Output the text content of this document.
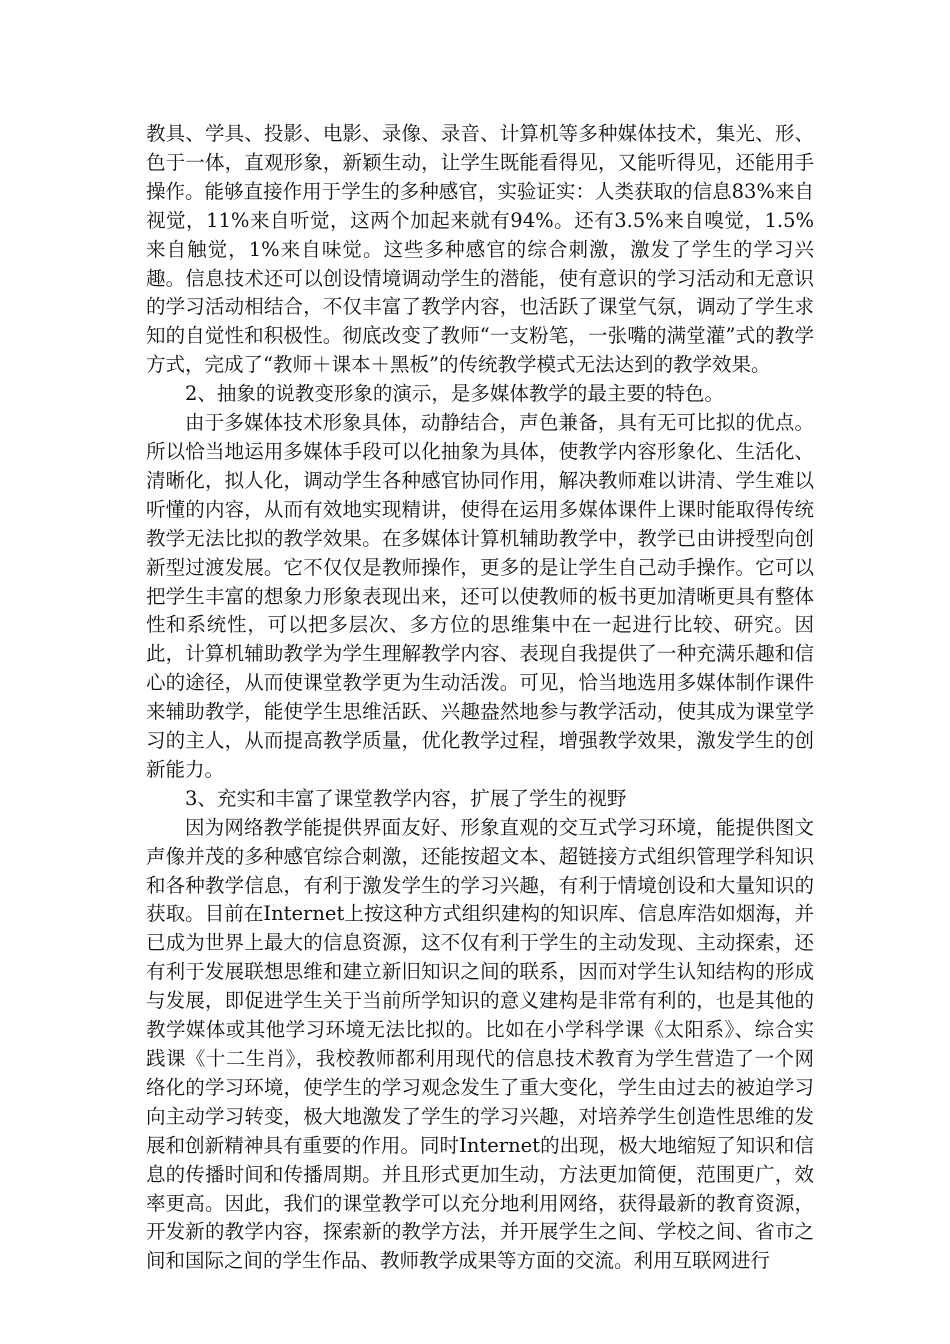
教具、学具、投影、电影、录像、录音、计算机等多种媒体技术，集光、形、色于一体，直观形象，新颖生动，让学生既能看得见，又能听得见，还能用手操作。能够直接作用于学生的多种感官，实验证实：人类获取的信息83%来自视觉，11%来自听觉，这两个加起来就有94%。还有3.5%来自嗅觉，1.5%来自触觉，1%来自味觉。这些多种感官的综合刺激，激发了学生的学习兴趣。信息技术还可以创设情境调动学生的潜能，使有意识的学习活动和无意识的学习活动相结合，不仅丰富了教学内容，也活跃了课堂气氛，调动了学生求知的自觉性和积极性。彻底改变了教师“一支粉笔，一张嘴的满堂灌”式的教学方式，完成了“教师＋课本＋黑板”的传统教学模式无法达到的教学效果。

2、抽象的说教变形象的演示，是多媒体教学的最主要的特色。

由于多媒体技术形象具体，动静结合，声色兼备，具有无可比拟的优点。所以恰当地运用多媒体手段可以化抽象为具体，使教学内容形象化、生活化、清晰化，拟人化，调动学生各种感官协同作用，解决教师难以讲清、学生难以听懂的内容，从而有效地实现精讲，使得在运用多媒体课件上课时能取得传统教学无法比拟的教学效果。在多媒体计算机辅助教学中，教学已由讲授型向创新型过渡发展。它不仅仅是教师操作，更多的是让学生自己动手操作。它可以把学生丰富的想象力形象表现出来，还可以使教师的板书更加清晰更具有整体性和系统性，可以把多层次、多方位的思维集中在一起进行比较、研究。因此，计算机辅助教学为学生理解教学内容、表现自我提供了一种充满乐趣和信心的途径，从而使课堂教学更为生动活泼。可见，恰当地选用多媒体制作课件来辅助教学，能使学生思维活跃、兴趣盎然地参与教学活动，使其成为课堂学习的主人，从而提高教学质量，优化教学过程，增强教学效果，激发学生的创新能力。

3、充实和丰富了课堂教学内容，扩展了学生的视野

因为网络教学能提供界面友好、形象直观的交互式学习环境，能提供图文声像并茂的多种感官综合刺激，还能按超文本、超链接方式组织管理学科知识和各种教学信息，有利于激发学生的学习兴趣，有利于情境创设和大量知识的获取。目前在Internet上按这种方式组织建构的知识库、信息库浩如烟海，并已成为世界上最大的信息资源，这不仅有利于学生的主动发现、主动探索，还有利于发展联想思维和建立新旧知识之间的联系，因而对学生认知结构的形成与发展，即促进学生关于当前所学知识的意义建构是非常有利的，也是其他的教学媒体或其他学习环境无法比拟的。比如在小学科学课《太阳系》、综合实践课《十二生肖》，我校教师都利用现代的信息技术教育为学生营造了一个网络化的学习环境，使学生的学习观念发生了重大变化，学生由过去的被迫学习向主动学习转变，极大地激发了学生的学习兴趣，对培养学生创造性思维的发展和创新精神具有重要的作用。同时Internet的出现，极大地缩短了知识和信息的传播时间和传播周期。并且形式更加生动，方法更加简便，范围更广，效率更高。因此，我们的课堂教学可以充分地利用网络，获得最新的教育资源，开发新的教学内容，探索新的教学方法，并开展学生之间、学校之间、省市之间和国际之间的学生作品、教师教学成果等方面的交流。利用互联网进行
